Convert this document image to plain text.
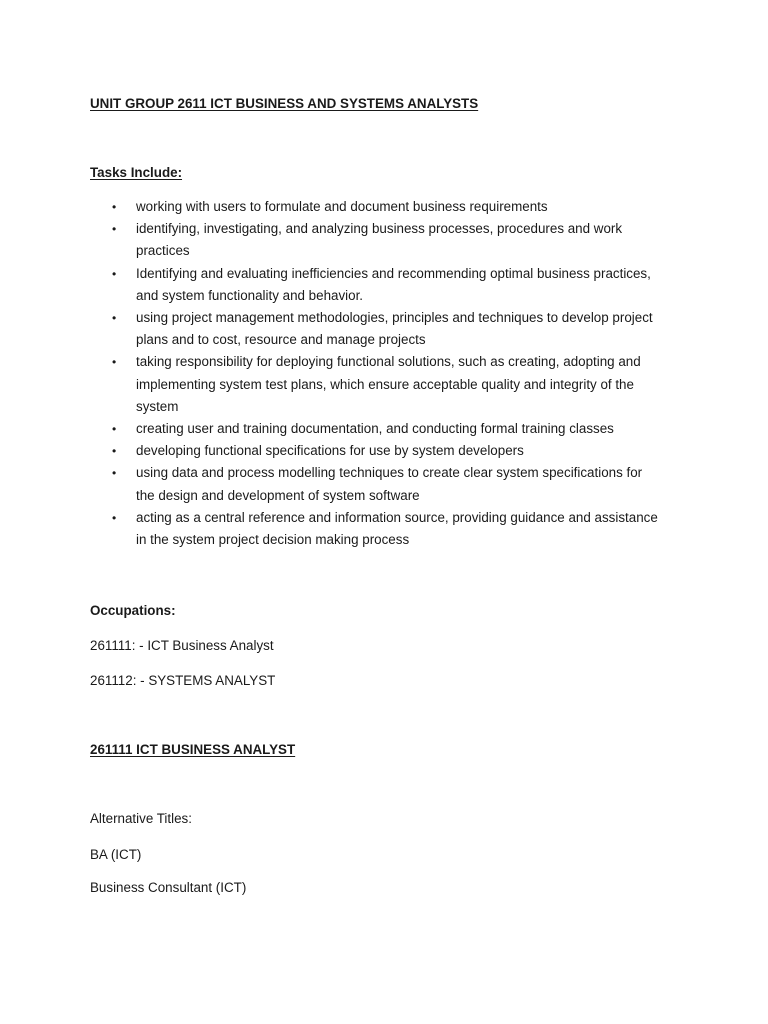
UNIT GROUP 2611 ICT BUSINESS AND SYSTEMS ANALYSTS
Tasks Include:
• working with users to formulate and document business requirements
• identifying, investigating, and analyzing business processes, procedures and work
practices
• Identifying and evaluating inefficiencies and recommending optimal business practices,
and system functionality and behavior.
• using project management methodologies, principles and techniques to develop project
plans and to cost, resource and manage projects
• taking responsibility for deploying functional solutions, such as creating, adopting and
implementing system test plans, which ensure acceptable quality and integrity of the
system
• creating user and training documentation, and conducting formal training classes
• developing functional specifications for use by system developers
• using data and process modelling techniques to create clear system specifications for
the design and development of system software
• acting as a central reference and information source, providing guidance and assistance
in the system project decision making process
Occupations:
261111: - ICT Business Analyst
261112: - SYSTEMS ANALYST
261111 ICT BUSINESS ANALYST
Alternative Titles:
BA (ICT)
Business Consultant (ICT)
